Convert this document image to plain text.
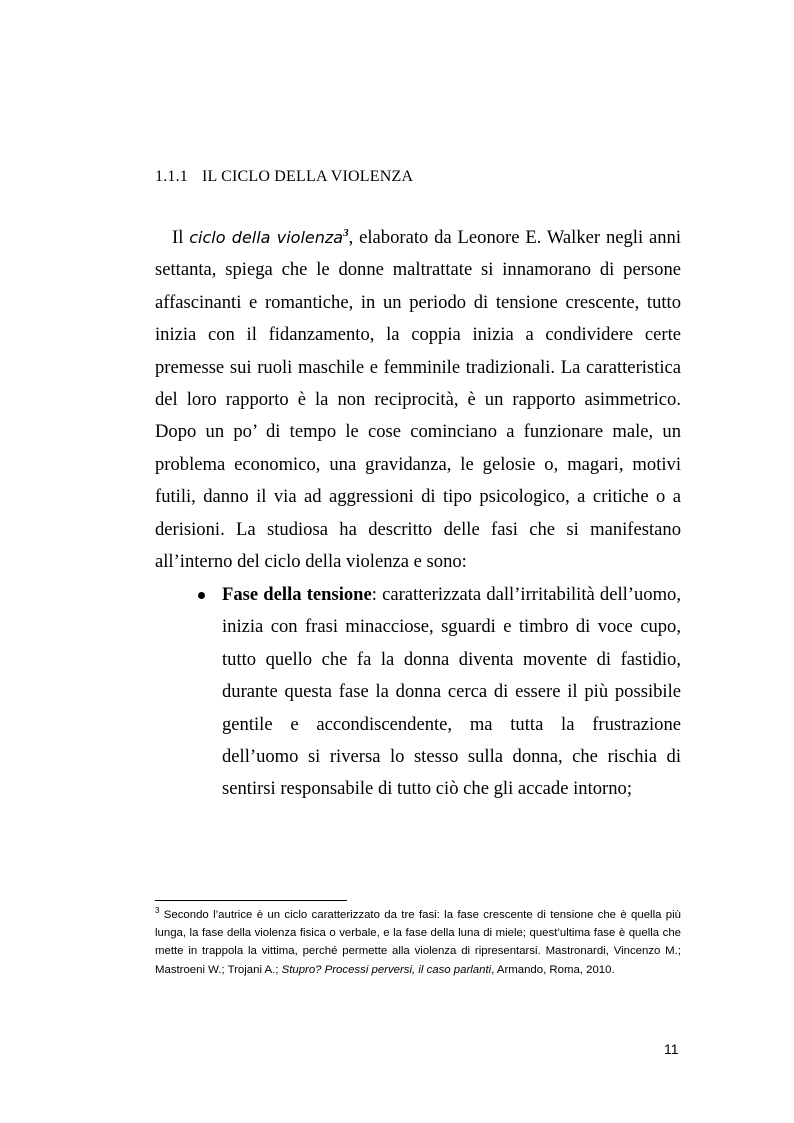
1.1.1 IL CICLO DELLA VIOLENZA

Il ciclo della violenza$^3$, elaborato da Leonore E. Walker negli anni settanta, spiega che le donne maltrattate si innamorano di persone affascinanti e romantiche, in un periodo di tensione crescente, tutto inizia con il fidanzamento, la coppia inizia a condividere certe premesse sui ruoli maschile e femminile tradizionali. La caratteristica del loro rapporto è la non reciprocità, è un rapporto asimmetrico. Dopo un po’ di tempo le cose cominciano a funzionare male, un problema economico, una gravidanza, le gelosie o, magari, motivi futili, danno il via ad aggressioni di tipo psicologico, a critiche o a derisioni. La studiosa ha descritto delle fasi che si manifestano all’interno del ciclo della violenza e sono:

Fase della tensione: caratterizzata dall’irritabilità dell’uomo, inizia con frasi minacciose, sguardi e timbro di voce cupo, tutto quello che fa la donna diventa movente di fastidio, durante questa fase la donna cerca di essere il più possibile gentile e accondiscendente, ma tutta la frustrazione dell’uomo si riversa lo stesso sulla donna, che rischia di sentirsi responsabile di tutto ciò che gli accade intorno;

$^3$ Secondo l’autrice è un ciclo caratterizzato da tre fasi: la fase crescente di tensione che è quella più lunga, la fase della violenza fisica o verbale, e la fase della luna di miele; quest’ultima fase è quella che mette in trappola la vittima, perché permette alla violenza di ripresentarsi. Mastronardi, Vincenzo M.; Mastroeni W.; Trojani A.; Stupro? Processi perversi, il caso parlanti, Armando, Roma, 2010.

11
